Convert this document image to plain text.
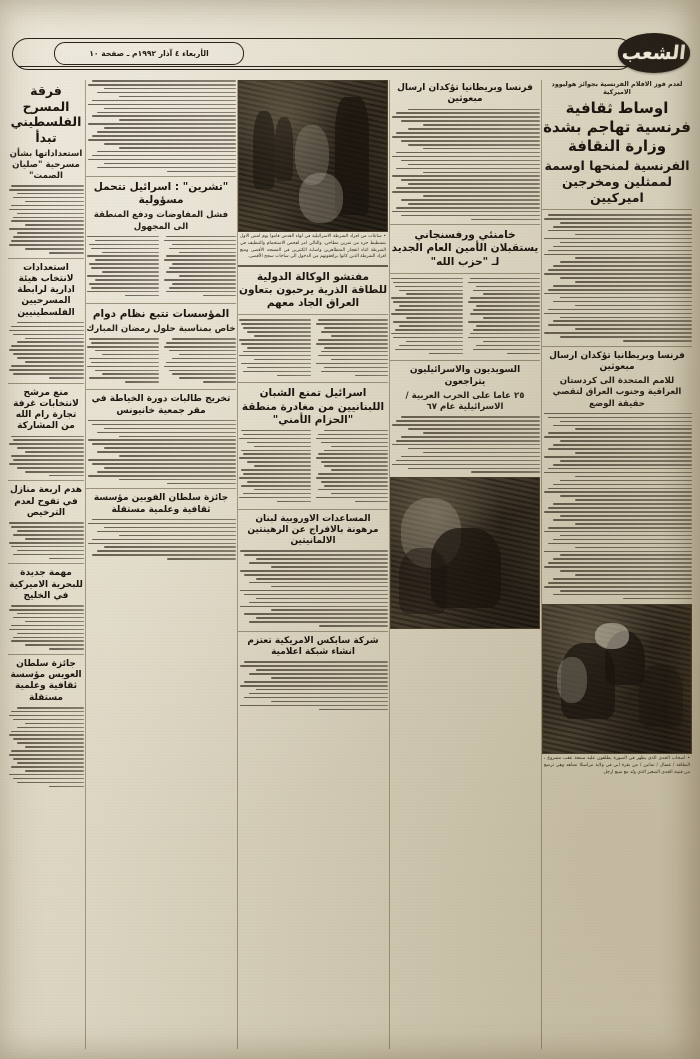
الأربعاء ٤ آذار ١٩٩٢م ـ صفحة ١٠	الشعب
لعدم فوز الافلام الفرنسية بجوائز هوليوود الاميركية
اوساط ثقافية فرنسية تهاجم بشدة وزارة النقافة
الفرنسية لمنحها اوسمة لممثلين ومخرجين اميركيين
فرنسا وبريطانيا تؤكدان ارسال مبعوثين
للامم المتحدة الى كردستان العراقية وجنوب العراق لتقصي حقيقة الوضع
• اصحاب الجدي الذي يظهر في الصورة يطلقون عليه سمعة عقب مشروع ، البطاقة / غسال / ثمانين / من بقرة ابي في ولاية نبراسكا تشاهد وهي ترضع من قنينة الجدي الصغير الذي ولد مع سبع ارجل.
فرنسا وبريطانيا تؤكدان ارسال مبعوثين
خامنئي ورفسنجاني يستقبلان الأمين العام الجديد لـ "حزب الله"
السويديون والاسرائيليون يتراجعون
٢٥ عاما على الحرب العربية / الاسرائيلية عام ٦٧
• ساعات من افراد الشرطة الاسرائيلية في لواء القدس قاموا يوم امس الاول بتشطيط جزء من تمرين مطاحن، والتالي امر لفحص الاستحمام والتنظيف في الشرطة اثناء انفجار المتظاهرين واصابة الكثيرين في المسجد الأقصى ومنع افراد الشرطة الذين كانوا يرافقونهم من الدخول الى ساحات سجح الأقصى.
مفتشو الوكالة الدولية للطاقة الذرية يرحبون بتعاون العراق الجاد معهم
اسرائيل تمنع الشبان اللبنانيين من مغادرة منطقة "الحزام الأمني"
المساعدات الاوروبية لبنان مرهونة بالافراج عن الرهينتين الالمانيتين
شركة سابكس الامريكية تعتزم انشاء شبكة اعلامية
"تشرين" : اسرائيل تتحمل مسؤولية
فشل المفاوضات ودفع المنطقة الى المجهول
المؤسسات تتبع نظام دوام
خاص بمناسبة حلول رمضان المبارك
تخريج طالبات دورة الخياطة في مقر جمعية خانيونس
جائزة سلطان الفوبين مؤسسة ثقافية وعلمية مستقلة
فرقة المسرح الفلسطيني تبدأ
استعداداتها بشأن مسرحية "صليان الصمت"
استعدادات لانتخاب هيئة ادارية لرابطة المسرحيين الفلسطينيين
منع مرشح لانتخابات غرفة تجارة رام الله من المشاركة
هدم اربعة منازل في تفوح لعدم الترخيص
مهمة جديدة للبحرية الاميركية في الخليج
جائزة سلطان العويس مؤسسة ثقافية وعلمية مستقلة
